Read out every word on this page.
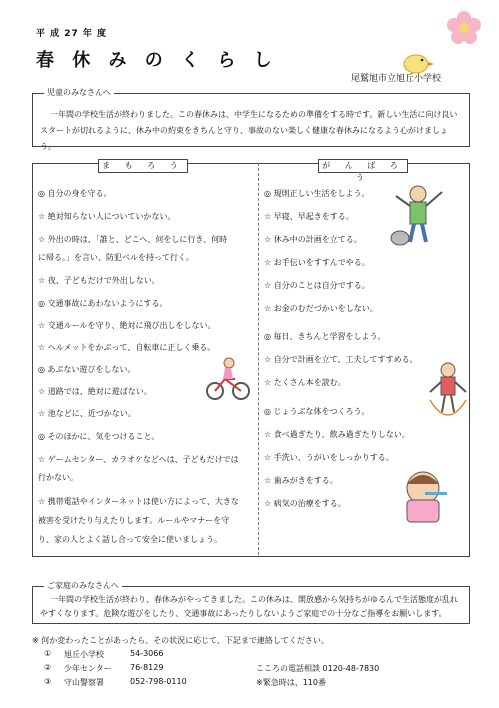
平 成 27 年 度
春 休 み の く ら し
尾鷲旭市立旭丘小学校
児童のみなさんへ
一年間の学校生活が終わりました。この春休みは、中学生になるための準備をする時です。新しい生活に向け良いスタートが切れるように、休み中の約束をきちんと守り、事故のない楽しく健康な春休みになるよう心がけましょう。
ま も ろ う	が ん ば ろ う
◎ 自分の身を守る。
☆ 絶対知らない人についていかない。
☆ 外出の時は、「誰と、どこへ、何をしに行き、何時
に帰る。」を言い、防犯ベルを持って行く。
☆ 夜、子どもだけで外出しない。
◎ 交通事故にあわないようにする。
☆ 交通ルールを守り、絶対に飛び出しをしない。
☆ ヘルメットをかぶって、自転車に正しく乗る。
◎ あぶない遊びをしない。
☆ 道路では、絶対に遊ばない。
☆ 池などに、近づかない。
◎ そのほかに、気をつけること。
☆ ゲームセンター、カラオケなどへは、子どもだけでは
行かない。
☆ 携帯電話やインターネットは使い方によって、大きな
被害を受けたり与えたりします。ルールやマナーを守
り、家の人とよく話し合って安全に使いましょう。
◎ 規則正しい生活をしよう。
☆ 早寝、早起きをする。
☆ 休み中の計画を立てる。
☆ お手伝いをすすんでやる。
☆ 自分のことは自分でする。
☆ お金のむだづかいをしない。
◎ 毎日、きちんと学習をしよう。
☆ 自分で計画を立て、工夫してすすめる。
☆ たくさん本を読む。
◎ じょうぶな体をつくろう。
☆ 食べ過ぎたり、飲み過ぎたりしない。
☆ 手洗い、うがいをしっかりする。
☆ 歯みがきをする。
☆ 病気の治療をする。
ご家庭のみなさんへ
一年間の学校生活が終わり、春休みがやってきました。この休みは、開放感から気持ちがゆるんで生活態度が乱れやすくなります。危険な遊びをしたり、交通事故にあったりしないようご家庭での十分なご指導をお願いします。
※ 何か変わったことがあったら、その状況に応じて、下記まで連絡してください。
① 旭丘小学校	54-3066
② 少年センター 76-8129
③ 守山警察署	052-798-0110
こころの電話相談 0120-48-7830
※緊急時は、110番
